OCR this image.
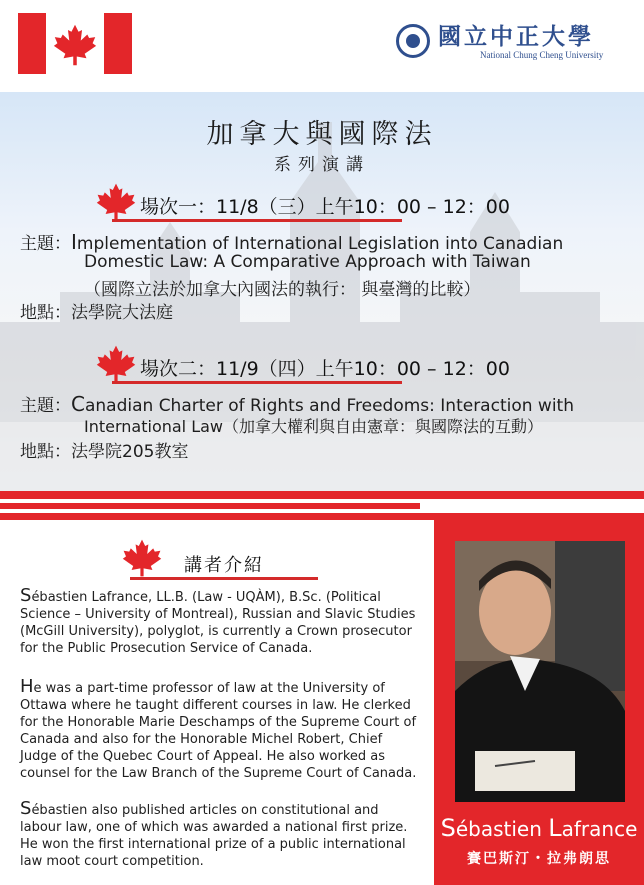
國立中正大學
National Chung Cheng University
加拿大與國際法
系列演講
場次一：11/8（三）上午10：00 – 12：00
主題：Implementation of International Legislation into Canadian
Domestic Law: A Comparative Approach with Taiwan
（國際立法於加拿大內國法的執行： 與臺灣的比較）
地點：法學院大法庭
場次二：11/9（四）上午10：00 – 12：00
主題：Canadian Charter of Rights and Freedoms: Interaction with
International Law（加拿大權利與自由憲章：與國際法的互動）
地點：法學院205教室
講者介紹
Sébastien Lafrance, LL.B. (Law - UQÀM), B.Sc. (Political
Science – University of Montreal), Russian and Slavic Studies
(McGill University), polyglot, is currently a Crown prosecutor
for the Public Prosecution Service of Canada.
He was a part-time professor of law at the University of
Ottawa where he taught different courses in law. He clerked
for the Honorable Marie Deschamps of the Supreme Court of
Canada and also for the Honorable Michel Robert, Chief
Judge of the Quebec Court of Appeal. He also worked as
counsel for the Law Branch of the Supreme Court of Canada.
Sébastien also published articles on constitutional and
labour law, one of which was awarded a national first prize.
He won the first international prize of a public international
law moot court competition.
Sébastien Lafrance
賽巴斯汀・拉弗朗思
